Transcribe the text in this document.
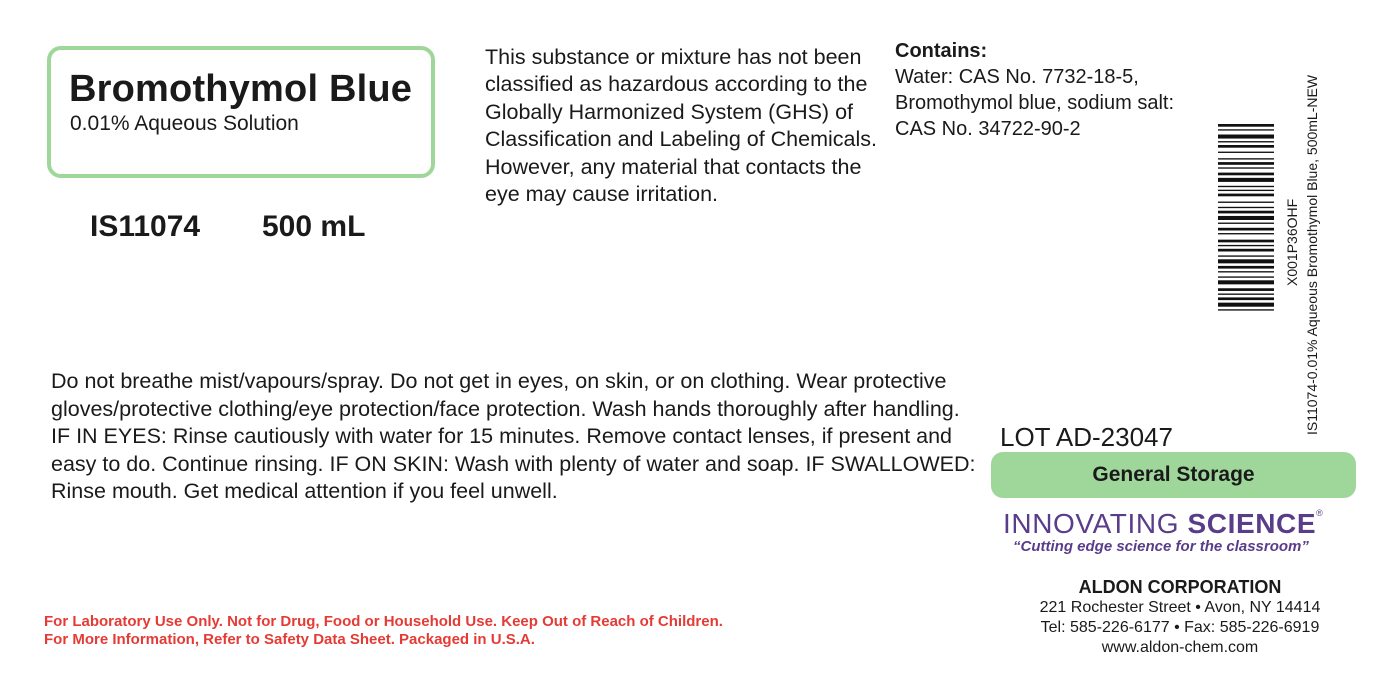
Bromothymol Blue
0.01% Aqueous Solution
IS11074 500 mL

This substance or mixture has not been classified as hazardous according to the Globally Harmonized System (GHS) of Classification and Labeling of Chemicals. However, any material that contacts the eye may cause irritation.

Contains:

Water: CAS No. 7732-18-5, Bromothymol blue, sodium salt: CAS No. 34722-90-2

X001P36OHF IS11074-0.01% Aqueous Bromothymol Blue, 500mL-NEW

Do not breathe mist/vapours/spray. Do not get in eyes, on skin, or on clothing. Wear protective gloves/protective clothing/eye protection/face protection. Wash hands thoroughly after handling. IF IN EYES: Rinse cautiously with water for 15 minutes. Remove contact lenses, if present and easy to do. Continue rinsing. IF ON SKIN: Wash with plenty of water and soap. IF SWALLOWED: Rinse mouth. Get medical attention if you feel unwell.

LOT AD-23047
General Storage
INNOVATING SCIENCE®
“Cutting edge science for the classroom”
ALDON CORPORATION
221 Rochester Street • Avon, NY 14414
Tel: 585-226-6177 • Fax: 585-226-6919
www.aldon-chem.com
For Laboratory Use Only. Not for Drug, Food or Household Use. Keep Out of Reach of Children.
For More Information, Refer to Safety Data Sheet. Packaged in U.S.A.
